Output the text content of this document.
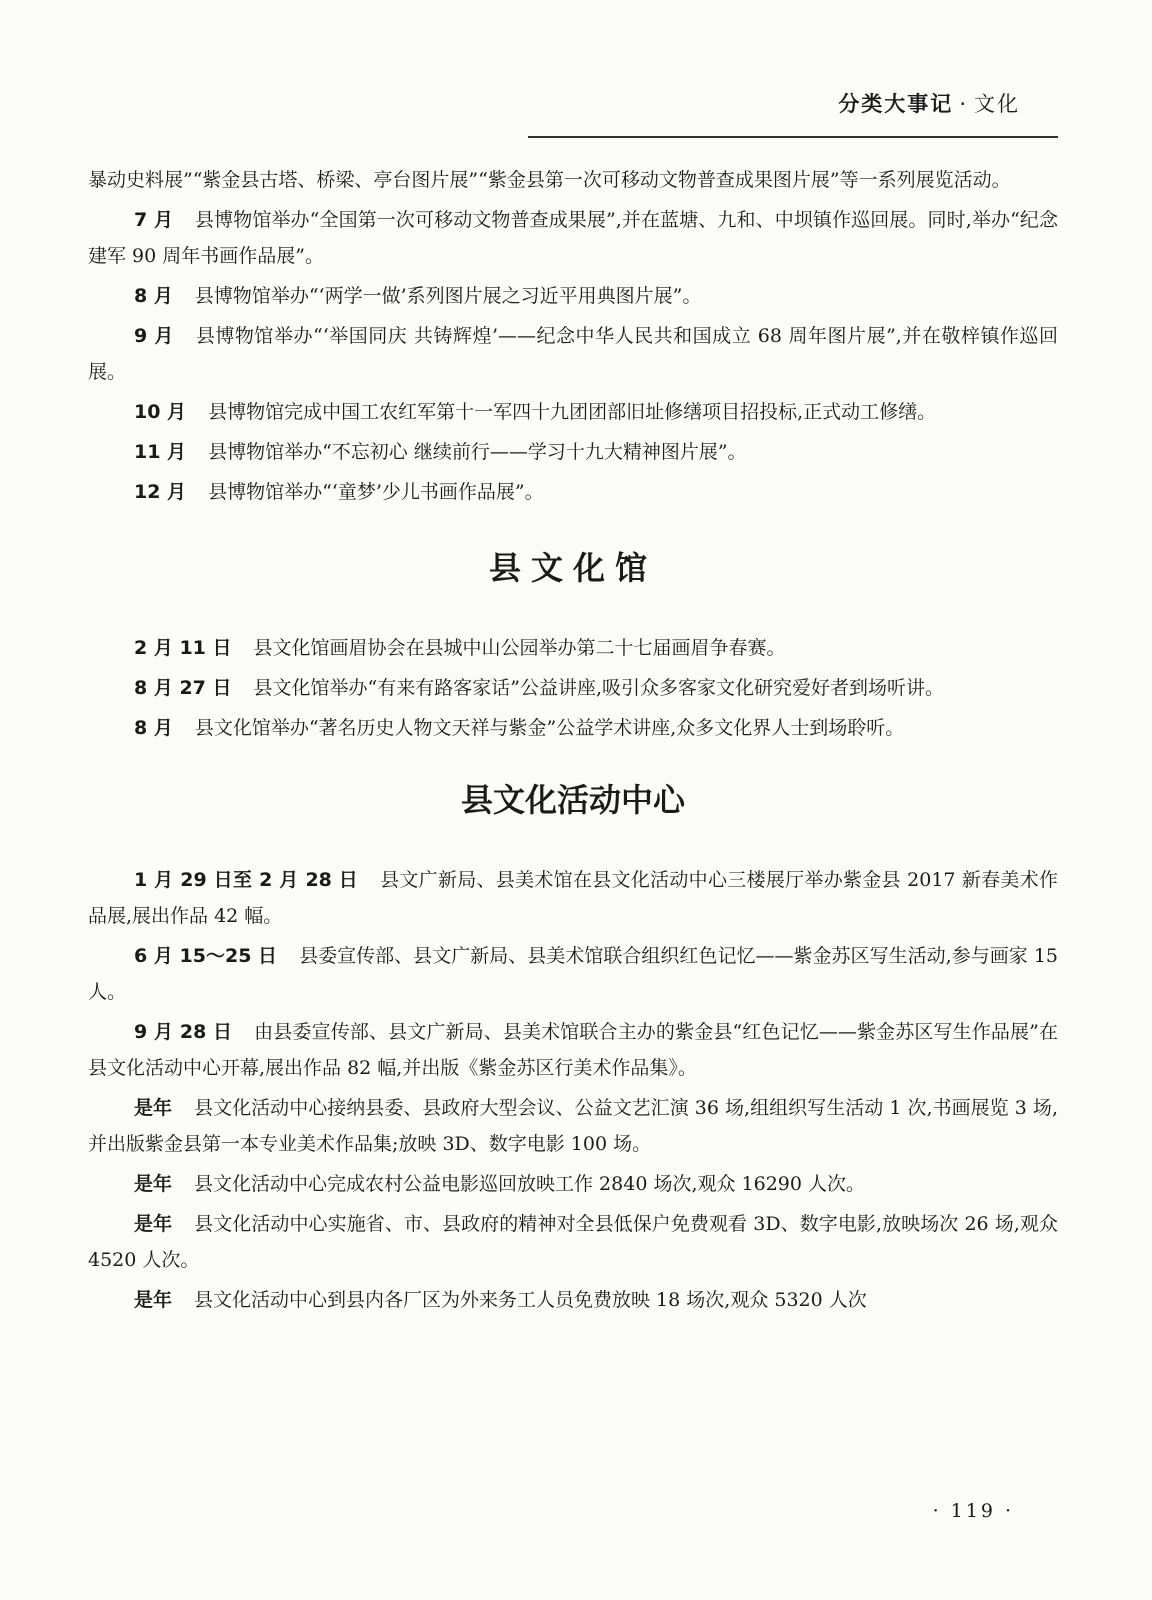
分类大事记 · 文化

暴动史料展”“紫金县古塔、桥梁、亭台图片展”“紫金县第一次可移动文物普查成果图片展”等一系列展览活动。

7 月 县博物馆举办“全国第一次可移动文物普查成果展”,并在蓝塘、九和、中坝镇作巡回展。同时,举办“纪念建军 90 周年书画作品展”。

8 月 县博物馆举办“‘两学一做’系列图片展之习近平用典图片展”。

9 月 县博物馆举办“‘举国同庆 共铸辉煌’——纪念中华人民共和国成立 68 周年图片展”,并在敬梓镇作巡回展。

10 月 县博物馆完成中国工农红军第十一军四十九团团部旧址修缮项目招投标,正式动工修缮。

11 月 县博物馆举办“不忘初心 继续前行——学习十九大精神图片展”。

12 月 县博物馆举办“‘童梦’少儿书画作品展”。

县文化馆

2 月 11 日 县文化馆画眉协会在县城中山公园举办第二十七届画眉争春赛。

8 月 27 日 县文化馆举办“有来有路客家话”公益讲座,吸引众多客家文化研究爱好者到场听讲。

8 月 县文化馆举办“著名历史人物文天祥与紫金”公益学术讲座,众多文化界人士到场聆听。

县文化活动中心

1 月 29 日至 2 月 28 日 县文广新局、县美术馆在县文化活动中心三楼展厅举办紫金县 2017 新春美术作品展,展出作品 42 幅。

6 月 15～25 日 县委宣传部、县文广新局、县美术馆联合组织红色记忆——紫金苏区写生活动,参与画家 15 人。

9 月 28 日 由县委宣传部、县文广新局、县美术馆联合主办的紫金县“红色记忆——紫金苏区写生作品展”在县文化活动中心开幕,展出作品 82 幅,并出版《紫金苏区行美术作品集》。

是年 县文化活动中心接纳县委、县政府大型会议、公益文艺汇演 36 场,组组织写生活动 1 次,书画展览 3 场,并出版紫金县第一本专业美术作品集;放映 3D、数字电影 100 场。

是年 县文化活动中心完成农村公益电影巡回放映工作 2840 场次,观众 16290 人次。

是年 县文化活动中心实施省、市、县政府的精神对全县低保户免费观看 3D、数字电影,放映场次 26 场,观众 4520 人次。

是年 县文化活动中心到县内各厂区为外来务工人员免费放映 18 场次,观众 5320 人次

· 119 ·
